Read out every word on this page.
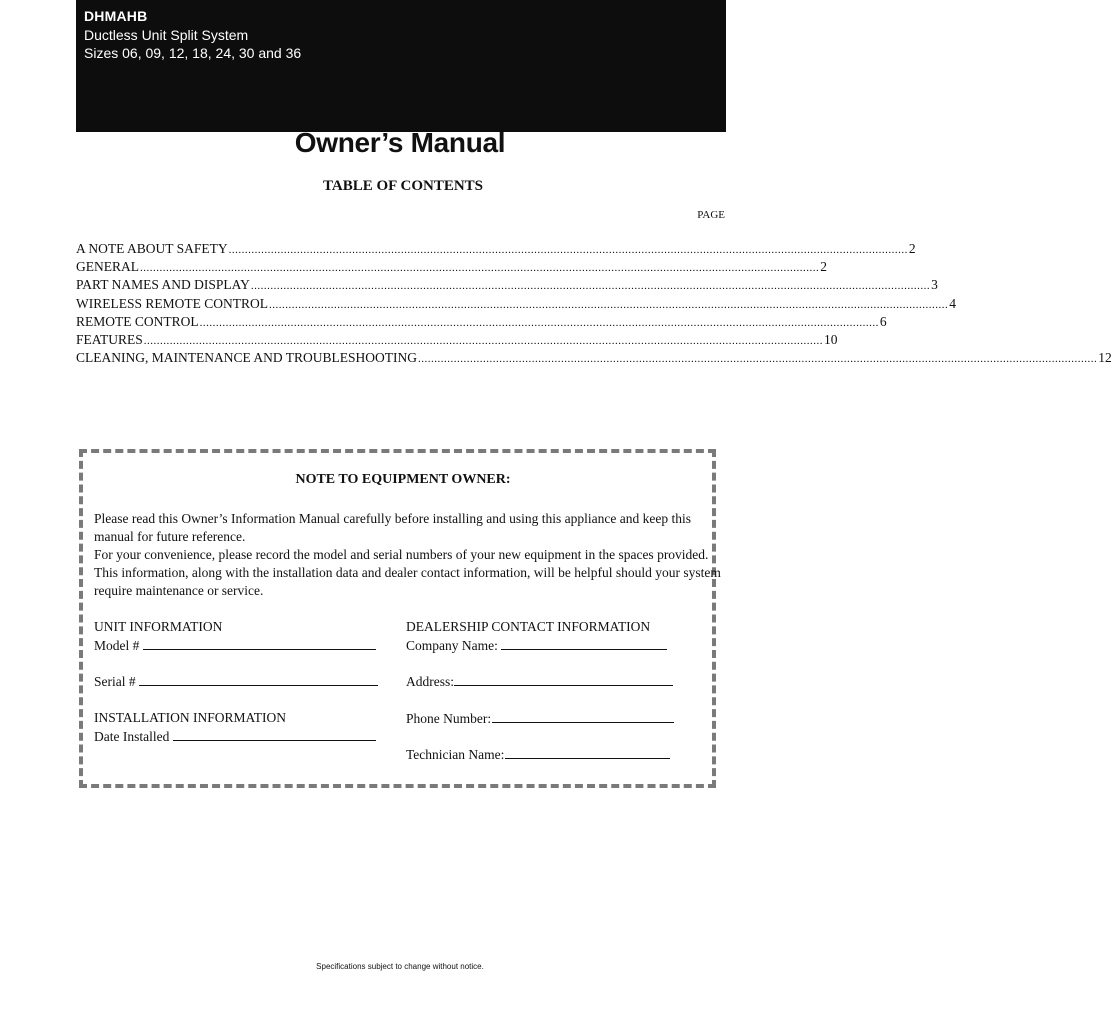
DHMAHB
Ductless Unit Split System
Sizes 06, 09, 12, 18, 24, 30 and 36
Owner’s Manual
TABLE OF CONTENTS
PAGE
A NOTE ABOUT SAFETY ................................................................................................................................................................................................................. 2
GENERAL ................................................................................................................................................................................................................. 2
PART NAMES AND DISPLAY ................................................................................................................................................................................................................. 3
WIRELESS REMOTE CONTROL ................................................................................................................................................................................................................. 4
REMOTE CONTROL ................................................................................................................................................................................................................. 6
FEATURES ................................................................................................................................................................................................................. 10
CLEANING, MAINTENANCE AND TROUBLESHOOTING ................................................................................................................................................................................................................. 12
NOTE TO EQUIPMENT OWNER:
Please read this Owner’s Information Manual carefully before installing and using this appliance and keep this manual for future reference.
For your convenience, please record the model and serial numbers of your new equipment in the spaces provided. This information, along with the installation data and dealer contact information, will be helpful should your system require maintenance or service.
UNIT INFORMATION
Model #
Serial #
INSTALLATION INFORMATION
Date Installed
DEALERSHIP CONTACT INFORMATION
Company Name:
Address:
Phone Number:
Technician Name:
Specifications subject to change without notice.
